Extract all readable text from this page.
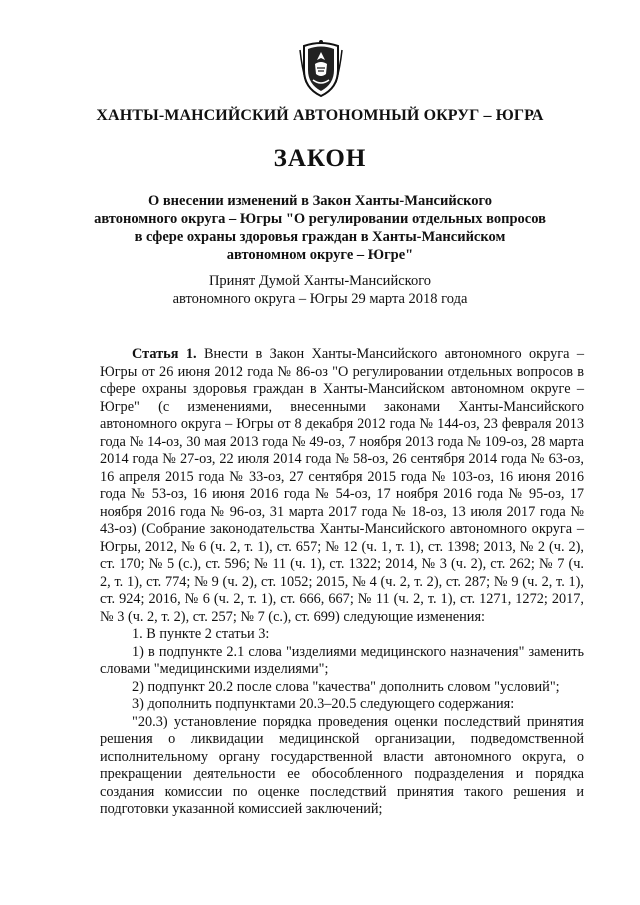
ХАНТЫ-МАНСИЙСКИЙ АВТОНОМНЫЙ ОКРУГ – ЮГРА
ЗАКОН
О внесении изменений в Закон Ханты-Мансийского
автономного округа – Югры "О регулировании отдельных вопросов
в сфере охраны здоровья граждан в Ханты-Мансийском
автономном округе – Югре"
Принят Думой Ханты-Мансийского
автономного округа – Югры 29 марта 2018 года

Статья 1. Внести в Закон Ханты-Мансийского автономного округа – Югры от 26 июня 2012 года № 86-оз "О регулировании отдельных вопросов в сфере охраны здоровья граждан в Ханты-Мансийском автономном округе – Югре" (с изменениями, внесенными законами Ханты-Мансийского автономного округа – Югры от 8 декабря 2012 года № 144-оз, 23 февраля 2013 года № 14-оз, 30 мая 2013 года № 49-оз, 7 ноября 2013 года № 109-оз, 28 марта 2014 года № 27-оз, 22 июля 2014 года № 58-оз, 26 сентября 2014 года № 63-оз, 16 апреля 2015 года № 33-оз, 27 сентября 2015 года № 103-оз, 16 июня 2016 года № 53-оз, 16 июня 2016 года № 54-оз, 17 ноября 2016 года № 95-оз, 17 ноября 2016 года № 96-оз, 31 марта 2017 года № 18-оз, 13 июля 2017 года № 43-оз) (Собрание законодательства Ханты-Мансийского автономного округа – Югры, 2012, № 6 (ч. 2, т. 1), ст. 657; № 12 (ч. 1, т. 1), ст. 1398; 2013, № 2 (ч. 2), ст. 170; № 5 (с.), ст. 596; № 11 (ч. 1), ст. 1322; 2014, № 3 (ч. 2), ст. 262; № 7 (ч. 2, т. 1), ст. 774; № 9 (ч. 2), ст. 1052; 2015, № 4 (ч. 2, т. 2), ст. 287; № 9 (ч. 2, т. 1), ст. 924; 2016, № 6 (ч. 2, т. 1), ст. 666, 667; № 11 (ч. 2, т. 1), ст. 1271, 1272; 2017, № 3 (ч. 2, т. 2), ст. 257; № 7 (с.), ст. 699) следующие изменения:

1. В пункте 2 статьи 3:

1) в подпункте 2.1 слова "изделиями медицинского назначения" заменить словами "медицинскими изделиями";

2) подпункт 20.2 после слова "качества" дополнить словом "условий";

3) дополнить подпунктами 20.3–20.5 следующего содержания:

"20.3) установление порядка проведения оценки последствий принятия решения о ликвидации медицинской организации, подведомственной исполнительному органу государственной власти автономного округа, о прекращении деятельности ее обособленного подразделения и порядка создания комиссии по оценке последствий принятия такого решения и подготовки указанной комиссией заключений;
